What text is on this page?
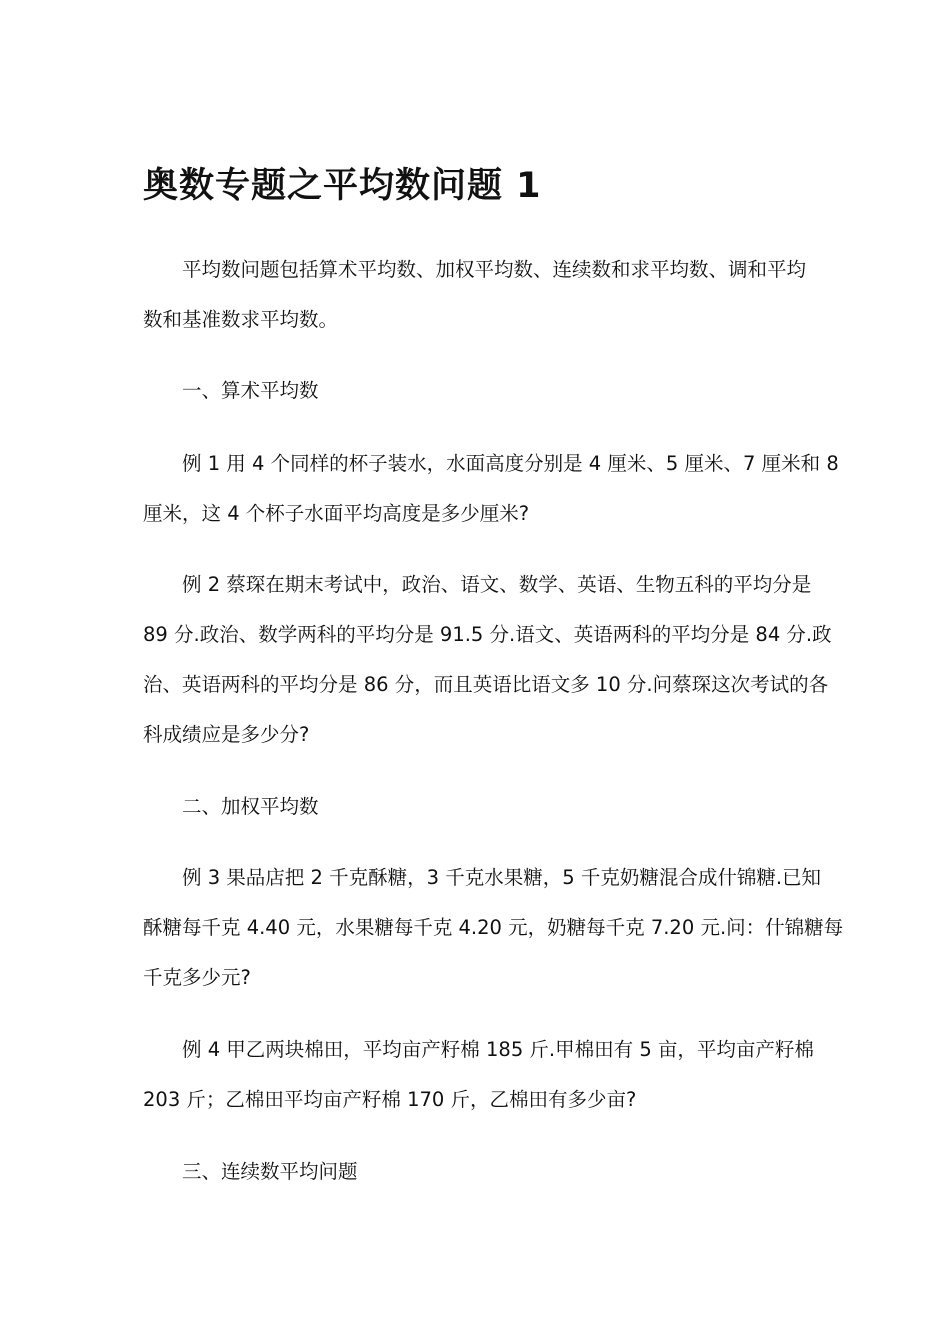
奥数专题之平均数问题 1
平均数问题包括算术平均数、加权平均数、连续数和求平均数、调和平均
数和基准数求平均数。
一、算术平均数
例 1 用 4 个同样的杯子装水，水面高度分别是 4 厘米、5 厘米、7 厘米和 8
厘米，这 4 个杯子水面平均高度是多少厘米?
例 2 蔡琛在期末考试中，政治、语文、数学、英语、生物五科的平均分是
89 分.政治、数学两科的平均分是 91.5 分.语文、英语两科的平均分是 84 分.政
治、英语两科的平均分是 86 分，而且英语比语文多 10 分.问蔡琛这次考试的各
科成绩应是多少分?
二、加权平均数
例 3 果品店把 2 千克酥糖，3 千克水果糖，5 千克奶糖混合成什锦糖.已知
酥糖每千克 4.40 元，水果糖每千克 4.20 元，奶糖每千克 7.20 元.问：什锦糖每
千克多少元?
例 4 甲乙两块棉田，平均亩产籽棉 185 斤.甲棉田有 5 亩，平均亩产籽棉
203 斤；乙棉田平均亩产籽棉 170 斤，乙棉田有多少亩?
三、连续数平均问题
